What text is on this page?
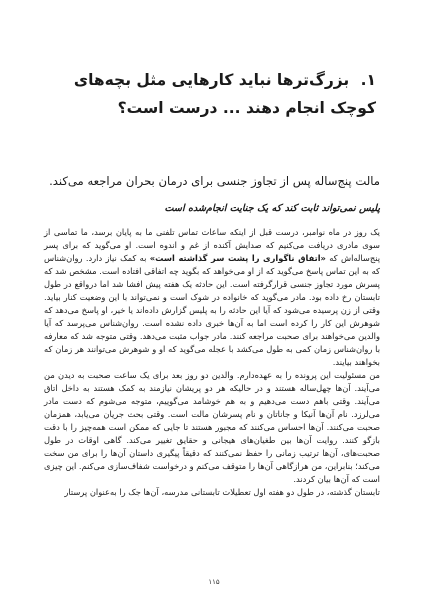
۱. بزرگ‌ترها نباید کارهایی مثل بچه‌های کوچک انجام دهند ... درست است؟
مالت پنج‌ساله پس از تجاوز جنسی برای درمان بحران مراجعه می‌کند.
پلیس نمی‌تواند ثابت کند که یک جنایت انجام‌شده است

یک روز در ماه نوامبر، درست قبل از اینکه ساعات تماس تلفنی ما به پایان برسد، ما تماسی از سوی مادری دریافت می‌کنیم که صدایش آکنده از غم و اندوه است. او می‌گوید که برای پسر پنج‌ساله‌اش که «اتفاق ناگواری را پشت سر گذاشته است» به کمک نیاز دارد. روان‌شناس که به این تماس پاسخ می‌گوید که از او می‌خواهد که بگوید چه اتفاقی افتاده است. مشخص شد که پسرش مورد تجاوز جنسی قرارگرفته است. این حادثه یک هفته پیش افشا شد اما درواقع در طول تابستان رخ داده بود. مادر می‌گوید که خانواده در شوک است و نمی‌تواند با این وضعیت کنار بیاید. وقتی از زن پرسیده می‌شود که آیا این حادثه را به پلیس گزارش داده‌اند یا خیر، او پاسخ می‌دهد که شوهرش این کار را کرده است اما به آن‌ها خبری داده نشده است. روان‌شناس می‌پرسد که آیا والدین می‌خواهند برای صحبت مراجعه کنند. مادر جواب مثبت می‌دهد. وقتی متوجه شد که معارفه با روان‌شناس زمان کمی به طول می‌کشد با عجله می‌گوید که او و شوهرش می‌توانند هر زمان که بخواهند بیایند.

من مسئولیت این پرونده را به عهده‌دارم. والدین دو روز بعد برای یک ساعت صحبت به دیدن من می‌آیند. آن‌ها چهل‌ساله هستند و در حالیکه هر دو پریشان نیازمند به کمک هستند به داخل اتاق می‌آیند. وقتی باهم دست می‌دهیم و به هم خوشامد می‌گوییم، متوجه می‌شوم که دست مادر می‌لرزد. نام آن‌ها آنیکا و جاناتان و نام پسرشان مالت است. وقتی بحث جریان می‌یابد، همزمان صحبت می‌کنند. آن‌ها احساس می‌کنند که مجبور هستند تا جایی که ممکن است همه‌چیز را با دقت بازگو کنند. روایت آن‌ها بین طغیان‌های هیجانی و حقایق تغییر می‌کند. گاهی اوقات در طول صحبت‌های، آن‌ها ترتیب زمانی را حفظ نمی‌کنند که دقیقاً پیگیری داستان آن‌ها را برای من سخت می‌کند؛ بنابراین، من هراز‌گاهی آن‌ها را متوقف می‌کنم و درخواست شفاف‌سازی می‌کنم. این چیزی است که آن‌ها بیان کردند.

تابستان گذشته، در طول دو هفته اول تعطیلات تابستانی مدرسه، آن‌ها جک را به‌عنوان پرستار

۱۱۵
